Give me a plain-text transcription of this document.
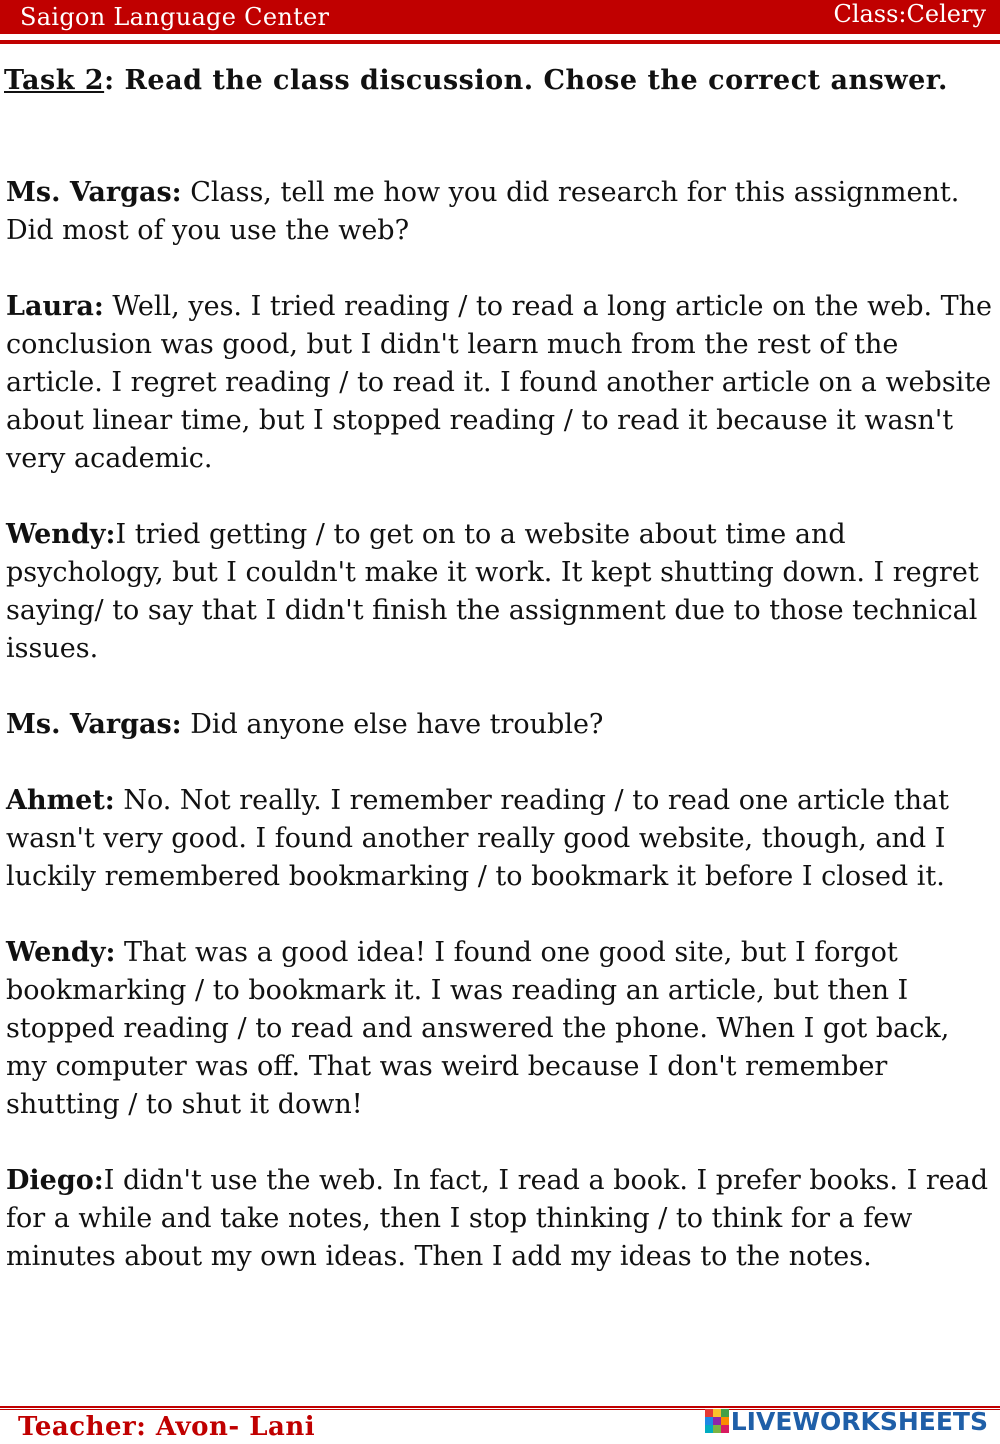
Saigon Language Center	Class:Celery
Task 2: Read the class discussion. Chose the correct answer.

Ms. Vargas: Class, tell me how you did research for this assignment. Did most of you use the web?

Laura: Well, yes. I tried reading / to read a long article on the web. The conclusion was good, but I didn't learn much from the rest of the article. I regret reading / to read it. I found another article on a website about linear time, but I stopped reading / to read it because it wasn't very academic.

Wendy:I tried getting / to get on to a website about time and psychology, but I couldn't make it work. It kept shutting down. I regret saying/ to say that I didn't finish the assignment due to those technical issues.

Ms. Vargas: Did anyone else have trouble?

Ahmet: No. Not really. I remember reading / to read one article that wasn't very good. I found another really good website, though, and I luckily remembered bookmarking / to bookmark it before I closed it.

Wendy: That was a good idea! I found one good site, but I forgot bookmarking / to bookmark it. I was reading an article, but then I stopped reading / to read and answered the phone. When I got back, my computer was off. That was weird because I don't remember shutting / to shut it down!

Diego:I didn't use the web. In fact, I read a book. I prefer books. I read for a while and take notes, then I stop thinking / to think for a few minutes about my own ideas. Then I add my ideas to the notes.

Teacher: Avon- Lani	LIVEWORKSHEETS
